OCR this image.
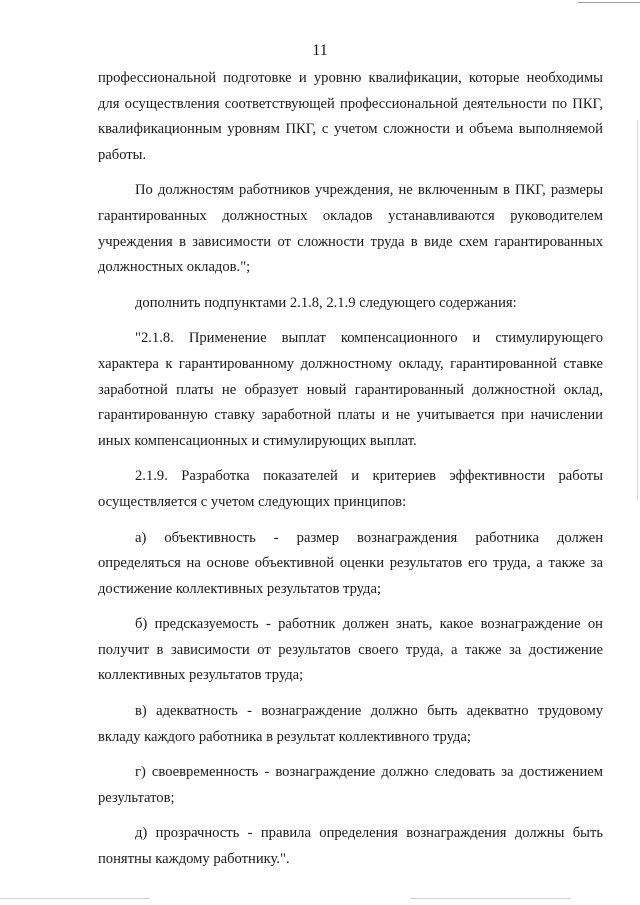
11

профессиональной подготовке и уровню квалификации, которые необходимы для осуществления соответствующей профессиональной деятельности по ПКГ, квалификационным уровням ПКГ, с учетом сложности и объема выполняемой работы.

По должностям работников учреждения, не включенным в ПКГ, размеры гарантированных должностных окладов устанавливаются руководителем учреждения в зависимости от сложности труда в виде схем гарантированных должностных окладов.";

дополнить подпунктами 2.1.8, 2.1.9 следующего содержания:

"2.1.8. Применение выплат компенсационного и стимулирующего характера к гарантированному должностному окладу, гарантированной ставке заработной платы не образует новый гарантированный должностной оклад, гарантированную ставку заработной платы и не учитывается при начислении иных компенсационных и стимулирующих выплат.

2.1.9. Разработка показателей и критериев эффективности работы осуществляется с учетом следующих принципов:

а) объективность - размер вознаграждения работника должен определяться на основе объективной оценки результатов его труда, а также за достижение коллективных результатов труда;

б) предсказуемость - работник должен знать, какое вознаграждение он получит в зависимости от результатов своего труда, а также за достижение коллективных результатов труда;

в) адекватность - вознаграждение должно быть адекватно трудовому вкладу каждого работника в результат коллективного труда;

г) своевременность - вознаграждение должно следовать за достижением результатов;

д) прозрачность - правила определения вознаграждения должны быть понятны каждому работнику.".
